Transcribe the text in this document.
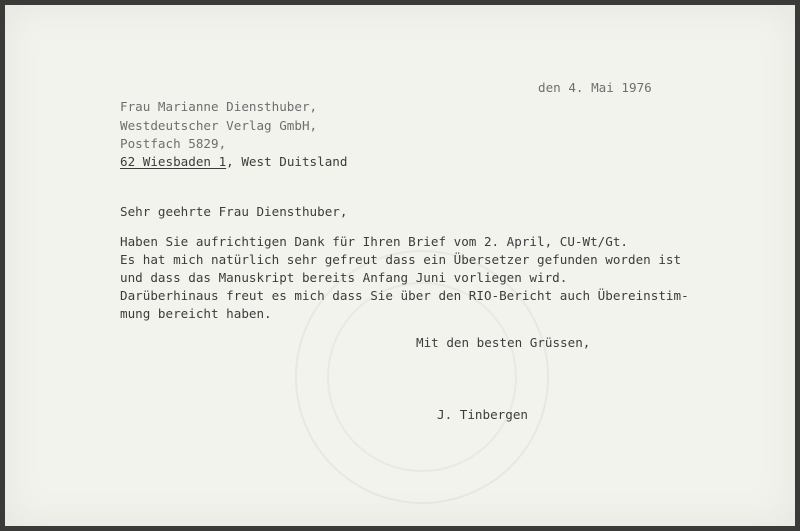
den 4. Mai 1976
Frau Marianne Diensthuber,
Westdeutscher Verlag GmbH,
Postfach 5829,
62 Wiesbaden 1, West Duitsland
Sehr geehrte Frau Diensthuber,
Haben Sie aufrichtigen Dank für Ihren Brief vom 2. April, CU-Wt/Gt.
Es hat mich natürlich sehr gefreut dass ein Übersetzer gefunden worden ist
und dass das Manuskript bereits Anfang Juni vorliegen wird.
Darüberhinaus freut es mich dass Sie über den RIO-Bericht auch Übereinstim-
mung bereicht haben.
Mit den besten Grüssen,
J. Tinbergen
